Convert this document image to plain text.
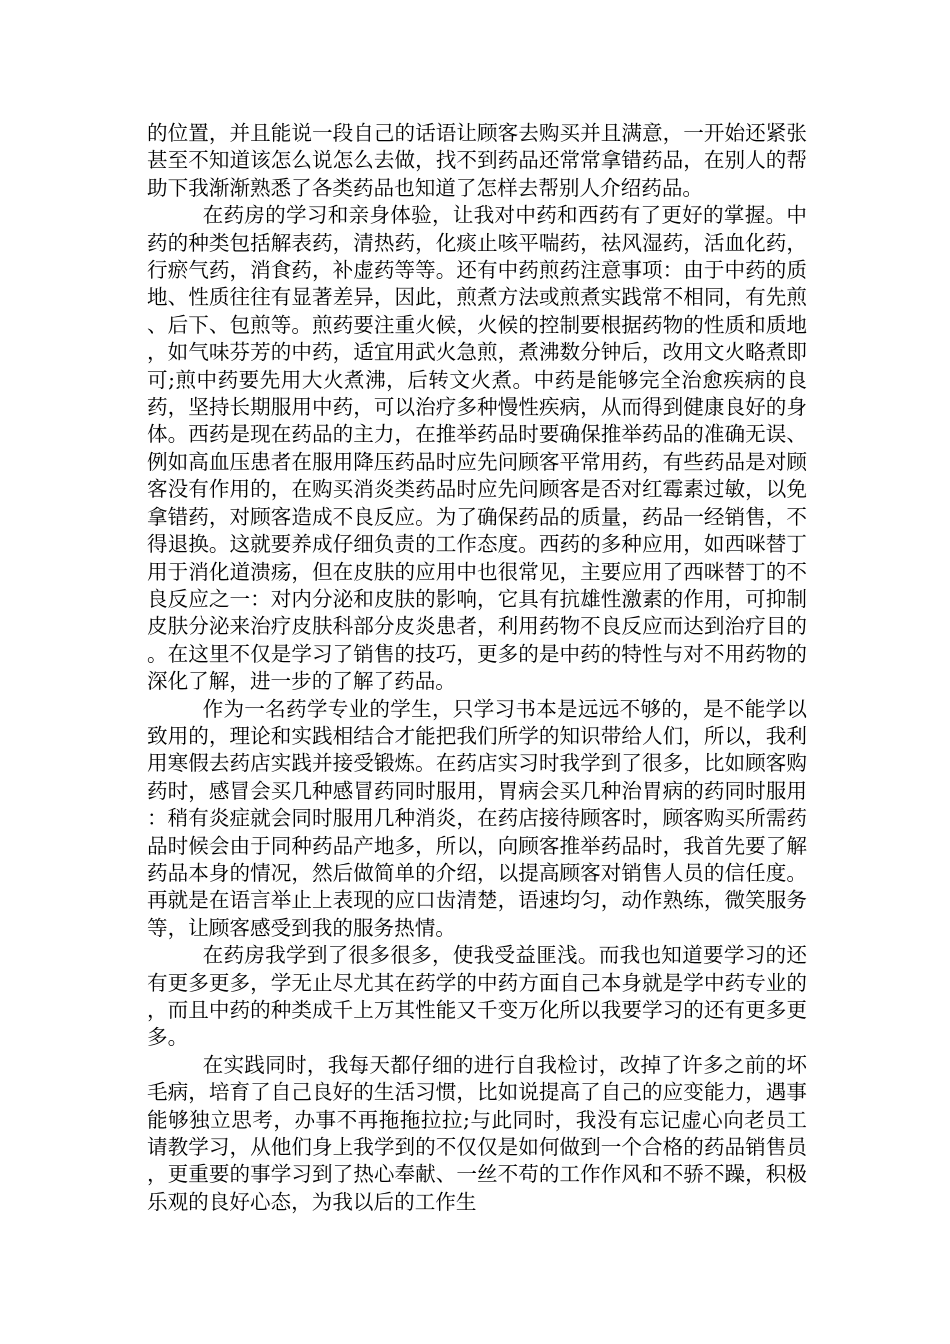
的位置，并且能说一段自己的话语让顾客去购买并且满意，一开始还紧张甚至不知道该怎么说怎么去做，找不到药品还常常拿错药品，在别人的帮助下我渐渐熟悉了各类药品也知道了怎样去帮别人介绍药品。

在药房的学习和亲身体验，让我对中药和西药有了更好的掌握。中药的种类包括解表药，清热药，化痰止咳平喘药，祛风湿药，活血化药，行瘀气药，消食药，补虚药等等。还有中药煎药注意事项：由于中药的质地、性质往往有显著差异，因此，煎煮方法或煎煮实践常不相同，有先煎、后下、包煎等。煎药要注重火候，火候的控制要根据药物的性质和质地，如气味芬芳的中药，适宜用武火急煎，煮沸数分钟后，改用文火略煮即可;煎中药要先用大火煮沸，后转文火煮。中药是能够完全治愈疾病的良药，坚持长期服用中药，可以治疗多种慢性疾病，从而得到健康良好的身体。西药是现在药品的主力，在推举药品时要确保推举药品的准确无误、例如高血压患者在服用降压药品时应先问顾客平常用药，有些药品是对顾客没有作用的，在购买消炎类药品时应先问顾客是否对红霉素过敏，以免拿错药，对顾客造成不良反应。为了确保药品的质量，药品一经销售，不得退换。这就要养成仔细负责的工作态度。西药的多种应用，如西咪替丁用于消化道溃疡，但在皮肤的应用中也很常见，主要应用了西咪替丁的不良反应之一：对内分泌和皮肤的影响，它具有抗雄性激素的作用，可抑制皮肤分泌来治疗皮肤科部分皮炎患者，利用药物不良反应而达到治疗目的。在这里不仅是学习了销售的技巧，更多的是中药的特性与对不用药物的深化了解，进一步的了解了药品。

作为一名药学专业的学生，只学习书本是远远不够的，是不能学以致用的，理论和实践相结合才能把我们所学的知识带给人们，所以，我利用寒假去药店实践并接受锻炼。在药店实习时我学到了很多，比如顾客购药时，感冒会买几种感冒药同时服用，胃病会买几种治胃病的药同时服用：稍有炎症就会同时服用几种消炎，在药店接待顾客时，顾客购买所需药品时候会由于同种药品产地多，所以，向顾客推举药品时，我首先要了解药品本身的情况，然后做简单的介绍，以提高顾客对销售人员的信任度。再就是在语言举止上表现的应口齿清楚，语速均匀，动作熟练，微笑服务等，让顾客感受到我的服务热情。

在药房我学到了很多很多，使我受益匪浅。而我也知道要学习的还有更多更多，学无止尽尤其在药学的中药方面自己本身就是学中药专业的，而且中药的种类成千上万其性能又千变万化所以我要学习的还有更多更多。

在实践同时，我每天都仔细的进行自我检讨，改掉了许多之前的坏毛病，培育了自己良好的生活习惯，比如说提高了自己的应变能力，遇事能够独立思考，办事不再拖拖拉拉;与此同时，我没有忘记虚心向老员工请教学习，从他们身上我学到的不仅仅是如何做到一个合格的药品销售员，更重要的事学习到了热心奉献、一丝不苟的工作作风和不骄不躁，积极乐观的良好心态，为我以后的工作生
